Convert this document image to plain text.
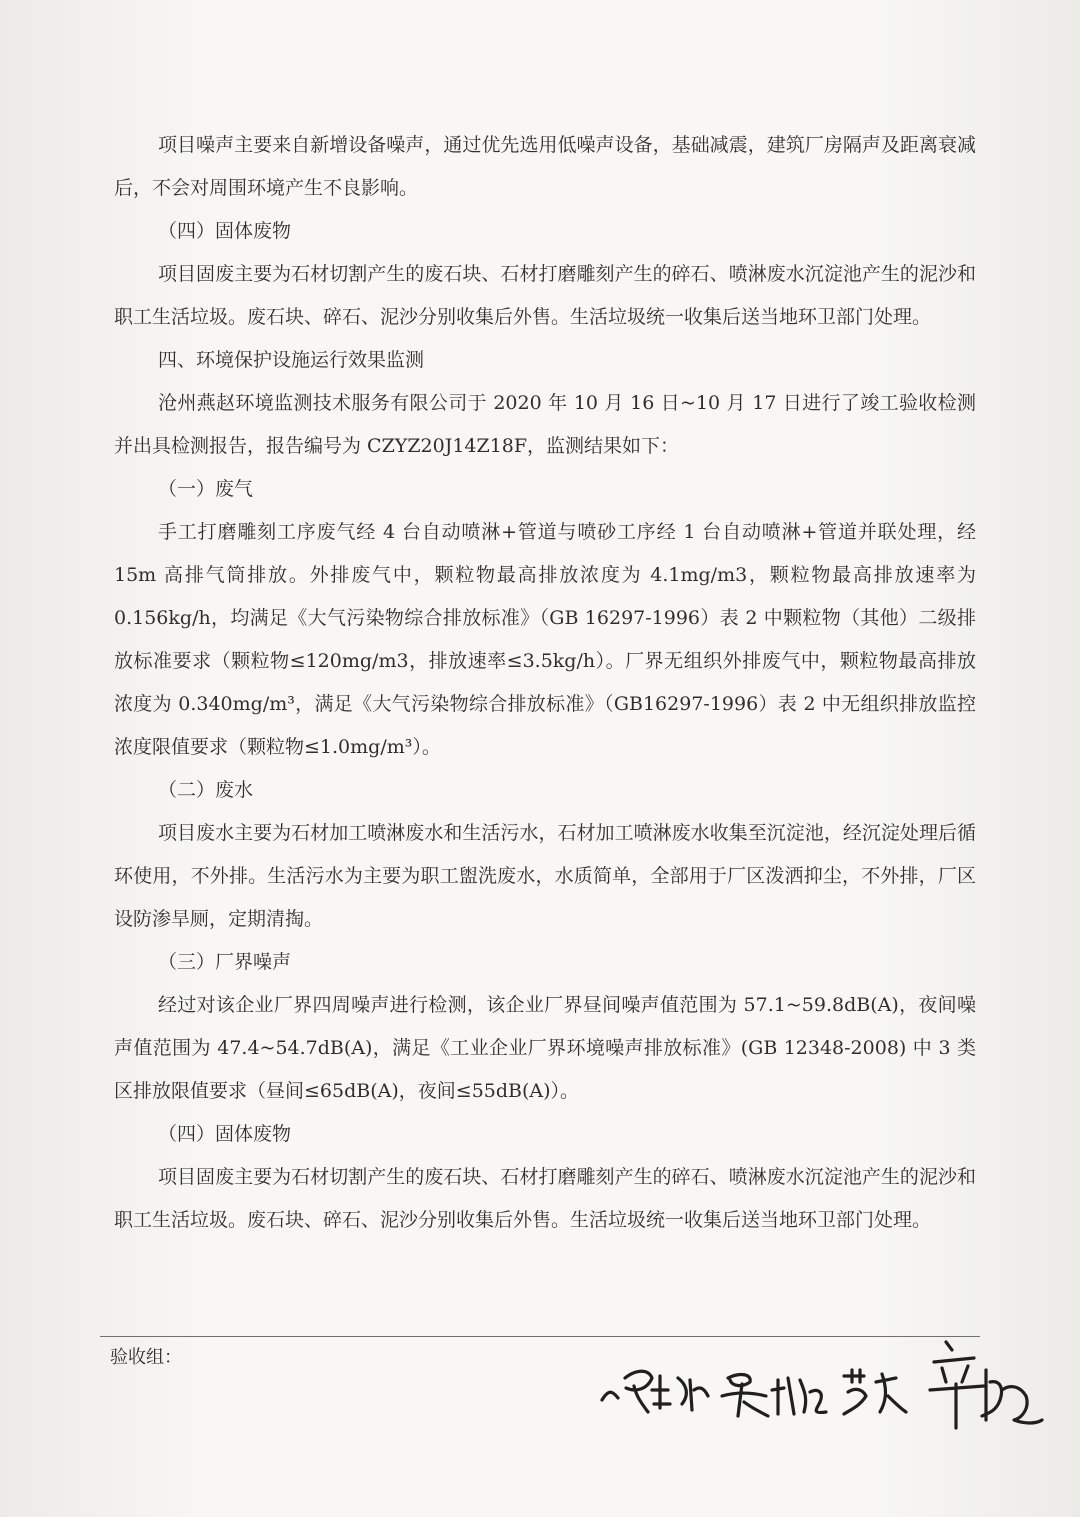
项目噪声主要来自新增设备噪声，通过优先选用低噪声设备，基础减震，建筑厂房隔声及距离衰减后，不会对周围环境产生不良影响。

（四）固体废物

项目固废主要为石材切割产生的废石块、石材打磨雕刻产生的碎石、喷淋废水沉淀池产生的泥沙和职工生活垃圾。废石块、碎石、泥沙分别收集后外售。生活垃圾统一收集后送当地环卫部门处理。

四、环境保护设施运行效果监测

沧州燕赵环境监测技术服务有限公司于 2020 年 10 月 16 日~10 月 17 日进行了竣工验收检测并出具检测报告，报告编号为 CZYZ20J14Z18F，监测结果如下：

（一）废气

手工打磨雕刻工序废气经 4 台自动喷淋+管道与喷砂工序经 1 台自动喷淋+管道并联处理，经 15m 高排气筒排放。外排废气中，颗粒物最高排放浓度为 4.1mg/m3，颗粒物最高排放速率为 0.156kg/h，均满足《大气污染物综合排放标准》（GB 16297-1996）表 2 中颗粒物（其他）二级排放标准要求（颗粒物≤120mg/m3，排放速率≤3.5kg/h）。厂界无组织外排废气中，颗粒物最高排放浓度为 0.340mg/m³，满足《大气污染物综合排放标准》（GB16297-1996）表 2 中无组织排放监控浓度限值要求（颗粒物≤1.0mg/m³）。

（二）废水

项目废水主要为石材加工喷淋废水和生活污水，石材加工喷淋废水收集至沉淀池，经沉淀处理后循环使用，不外排。生活污水为主要为职工盥洗废水，水质简单，全部用于厂区泼洒抑尘，不外排，厂区设防渗旱厕，定期清掏。

（三）厂界噪声

经过对该企业厂界四周噪声进行检测，该企业厂界昼间噪声值范围为 57.1~59.8dB(A)，夜间噪声值范围为 47.4~54.7dB(A)，满足《工业企业厂界环境噪声排放标准》(GB 12348-2008) 中 3 类区排放限值要求（昼间≤65dB(A)，夜间≤55dB(A)）。

（四）固体废物

项目固废主要为石材切割产生的废石块、石材打磨雕刻产生的碎石、喷淋废水沉淀池产生的泥沙和职工生活垃圾。废石块、碎石、泥沙分别收集后外售。生活垃圾统一收集后送当地环卫部门处理。

验收组：
